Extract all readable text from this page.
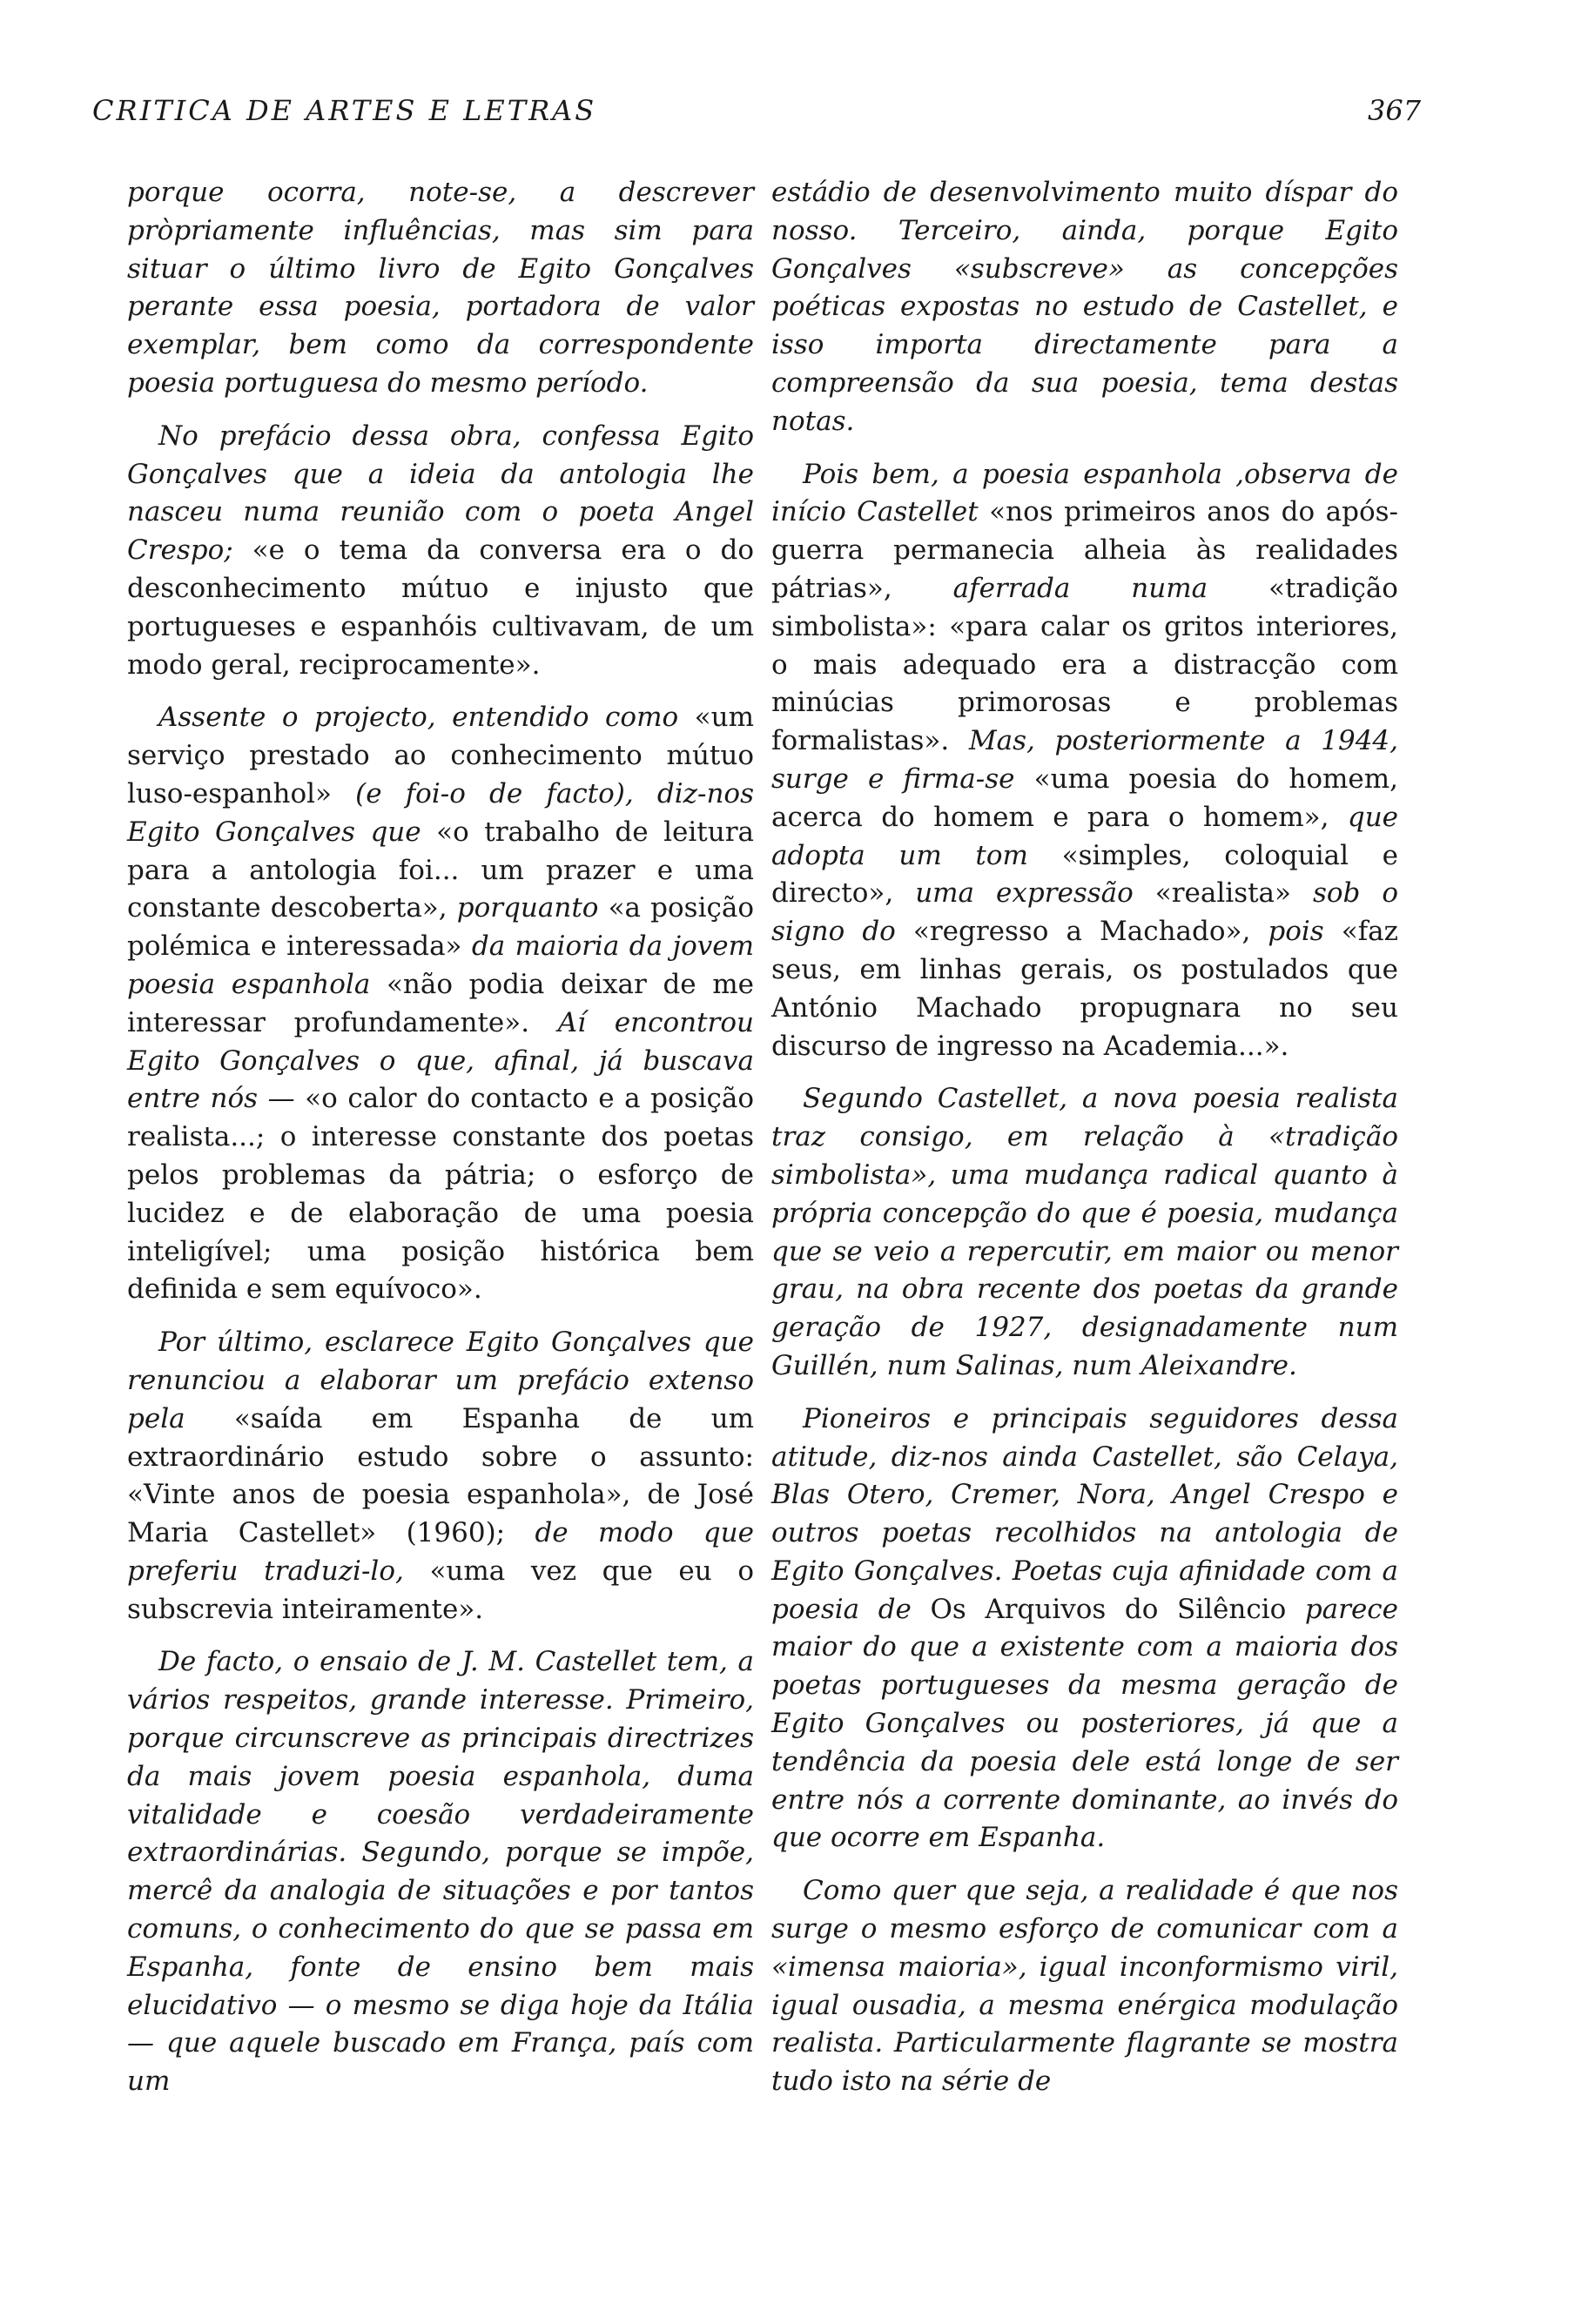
CRITICA DE ARTES E LETRAS	367

porque ocorra, note-se, a descrever pròpriamente influências, mas sim para situar o último livro de Egito Gonçalves perante essa poesia, portadora de valor exemplar, bem como da correspondente poesia portuguesa do mesmo período.

No prefácio dessa obra, confessa Egito Gonçalves que a ideia da antologia lhe nasceu numa reunião com o poeta Angel Crespo; «e o tema da conversa era o do desconhecimento mútuo e injusto que portugueses e espanhóis cultivavam, de um modo geral, reciprocamente».

Assente o projecto, entendido como «um serviço prestado ao conhecimento mútuo luso-espanhol» (e foi-o de facto), diz-nos Egito Gonçalves que «o trabalho de leitura para a antologia foi... um prazer e uma constante descoberta», porquanto «a posição polémica e interessada» da maioria da jovem poesia espanhola «não podia deixar de me interessar profundamente». Aí encontrou Egito Gonçalves o que, afinal, já buscava entre nós — «o calor do contacto e a posição realista...; o interesse constante dos poetas pelos problemas da pátria; o esforço de lucidez e de elaboração de uma poesia inteligível; uma posição histórica bem definida e sem equívoco».

Por último, esclarece Egito Gonçalves que renunciou a elaborar um prefácio extenso pela «saída em Espanha de um extraordinário estudo sobre o assunto: «Vinte anos de poesia espanhola», de José Maria Castellet» (1960); de modo que preferiu traduzi-lo, «uma vez que eu o subscrevia inteiramente».

De facto, o ensaio de J. M. Castellet tem, a vários respeitos, grande interesse. Primeiro, porque circunscreve as principais directrizes da mais jovem poesia espanhola, duma vitalidade e coesão verdadeiramente extraordinárias. Segundo, porque se impõe, mercê da analogia de situações e por tantos comuns, o conhecimento do que se passa em Espanha, fonte de ensino bem mais elucidativo — o mesmo se diga hoje da Itália — que aquele buscado em França, país com um

estádio de desenvolvimento muito díspar do nosso. Terceiro, ainda, porque Egito Gonçalves «subscreve» as concepções poéticas expostas no estudo de Castellet, e isso importa directamente para a compreensão da sua poesia, tema destas notas.

Pois bem, a poesia espanhola ,observa de início Castellet «nos primeiros anos do após-guerra permanecia alheia às realidades pátrias», aferrada numa «tradição simbolista»: «para calar os gritos interiores, o mais adequado era a distracção com minúcias primorosas e problemas formalistas». Mas, posteriormente a 1944, surge e firma-se «uma poesia do homem, acerca do homem e para o homem», que adopta um tom «simples, coloquial e directo», uma expressão «realista» sob o signo do «regresso a Machado», pois «faz seus, em linhas gerais, os postulados que António Machado propugnara no seu discurso de ingresso na Academia...».

Segundo Castellet, a nova poesia realista traz consigo, em relação à «tradição simbolista», uma mudança radical quanto à própria concepção do que é poesia, mudança que se veio a repercutir, em maior ou menor grau, na obra recente dos poetas da grande geração de 1927, designadamente num Guillén, num Salinas, num Aleixandre.

Pioneiros e principais seguidores dessa atitude, diz-nos ainda Castellet, são Celaya, Blas Otero, Cremer, Nora, Angel Crespo e outros poetas recolhidos na antologia de Egito Gonçalves. Poetas cuja afinidade com a poesia de Os Arquivos do Silêncio parece maior do que a existente com a maioria dos poetas portugueses da mesma geração de Egito Gonçalves ou posteriores, já que a tendência da poesia dele está longe de ser entre nós a corrente dominante, ao invés do que ocorre em Espanha.

Como quer que seja, a realidade é que nos surge o mesmo esforço de comunicar com a «imensa maioria», igual inconformismo viril, igual ousadia, a mesma enérgica modulação realista. Particularmente flagrante se mostra tudo isto na série de
